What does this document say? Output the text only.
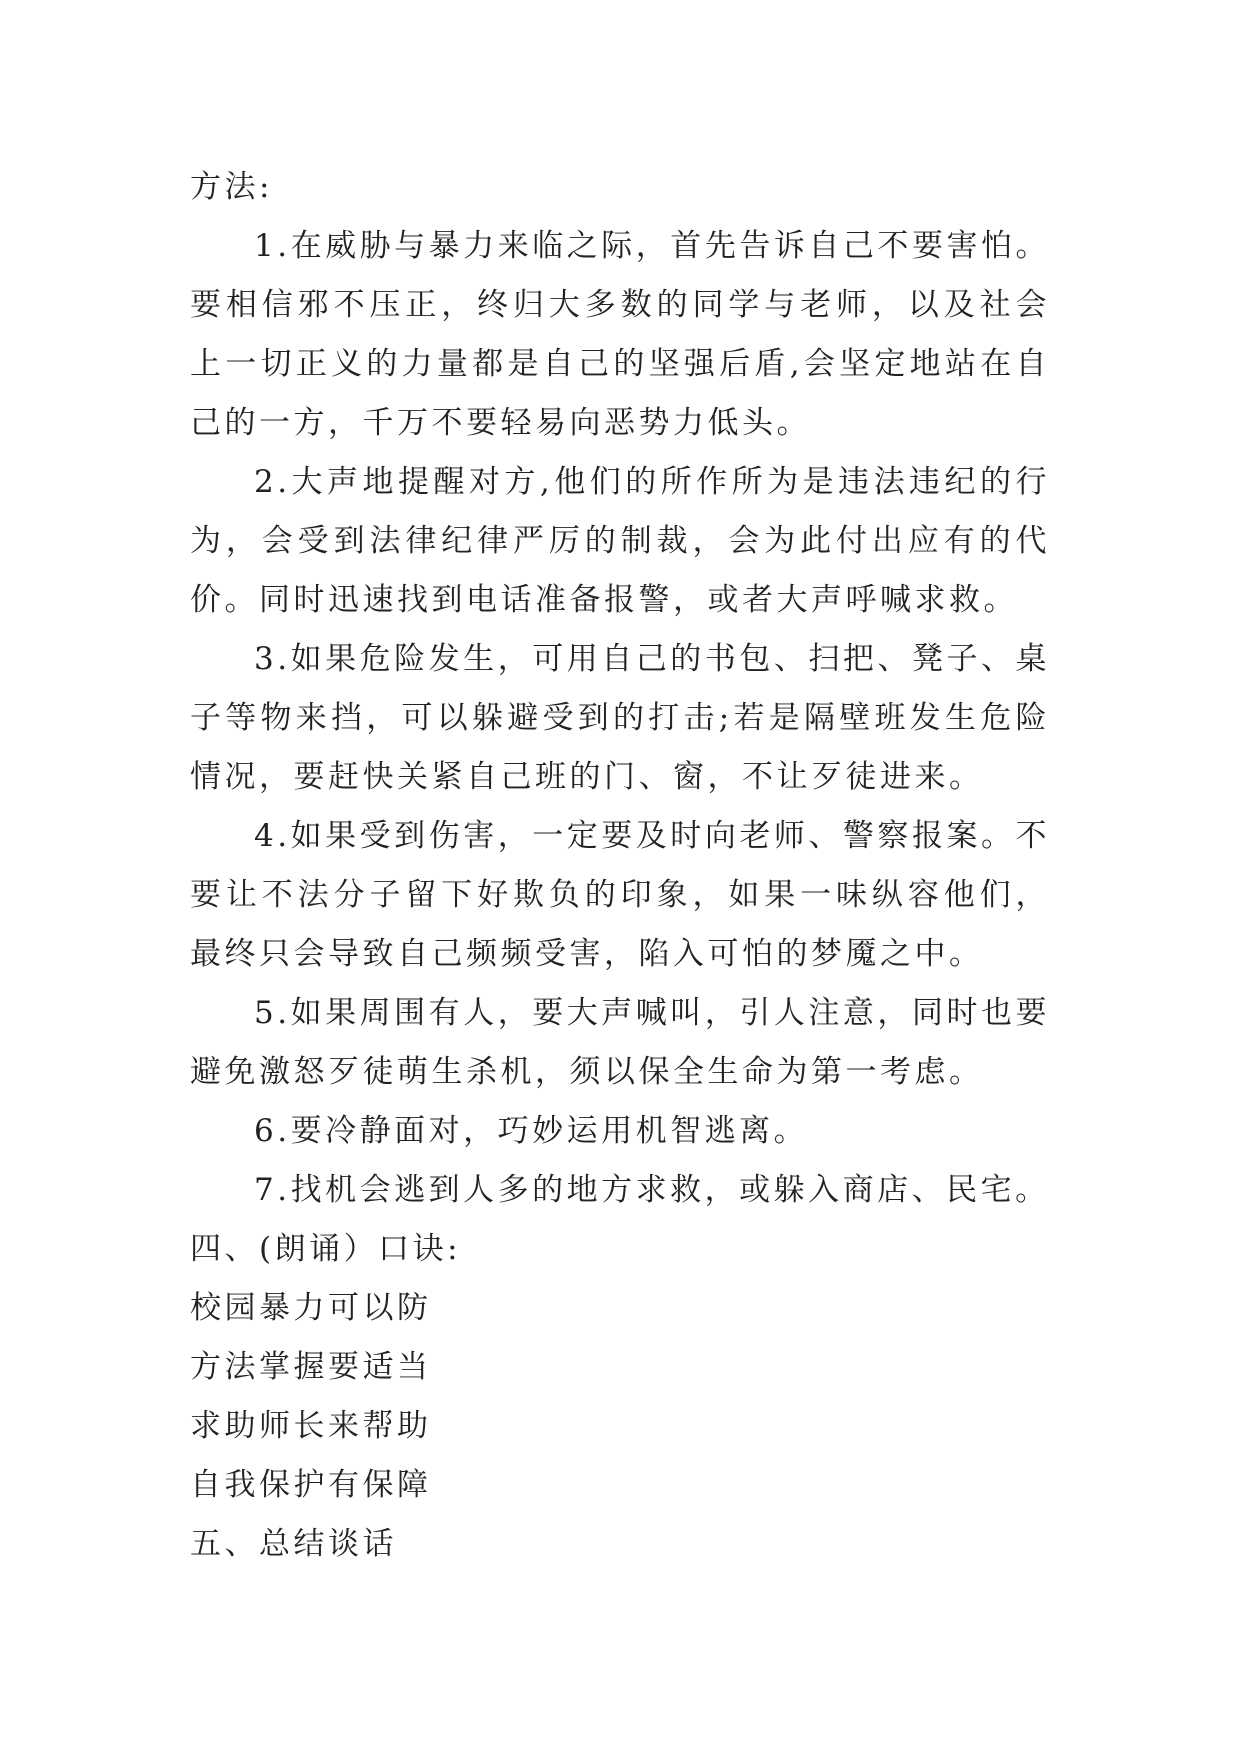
方法:

1.在威胁与暴力来临之际，首先告诉自己不要害怕。要相信邪不压正，终归大多数的同学与老师，以及社会上一切正义的力量都是自己的坚强后盾,会坚定地站在自己的一方，千万不要轻易向恶势力低头。

2.大声地提醒对方,他们的所作所为是违法违纪的行为，会受到法律纪律严厉的制裁，会为此付出应有的代价。同时迅速找到电话准备报警，或者大声呼喊求救。

3.如果危险发生，可用自己的书包、扫把、凳子、桌子等物来挡，可以躲避受到的打击;若是隔壁班发生危险情况，要赶快关紧自己班的门、窗，不让歹徒进来。

4.如果受到伤害，一定要及时向老师、警察报案。不要让不法分子留下好欺负的印象，如果一味纵容他们，最终只会导致自己频频受害，陷入可怕的梦魇之中。

5.如果周围有人，要大声喊叫，引人注意，同时也要避免激怒歹徒萌生杀机，须以保全生命为第一考虑。

6.要冷静面对，巧妙运用机智逃离。

7.找机会逃到人多的地方求救，或躲入商店、民宅。

四、(朗诵）口诀:

校园暴力可以防

方法掌握要适当

求助师长来帮助

自我保护有保障

五、总结谈话
